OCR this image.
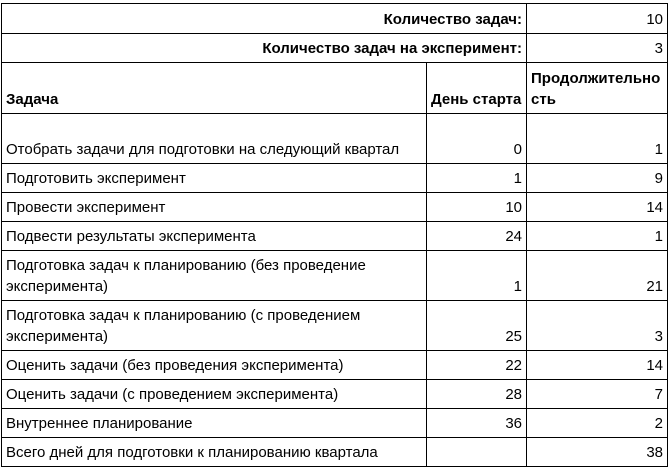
Количество задач:		10
Количество задач на эксперимент:		3
Задача	День старта	Продолжительность
Отобрать задачи для подготовки на следующий квартал	0	1
Подготовить эксперимент	1	9
Провести эксперимент	10	14
Подвести результаты эксперимента	24	1
Подготовка задач к планированию (без проведение эксперимента)	1	21
Подготовка задач к планированию (с проведением эксперимента)	25	3
Оценить задачи (без проведения эксперимента)	22	14
Оценить задачи (с проведением эксперимента)	28	7
Внутреннее планирование	36	2
Всего дней для подготовки к планированию квартала		38
